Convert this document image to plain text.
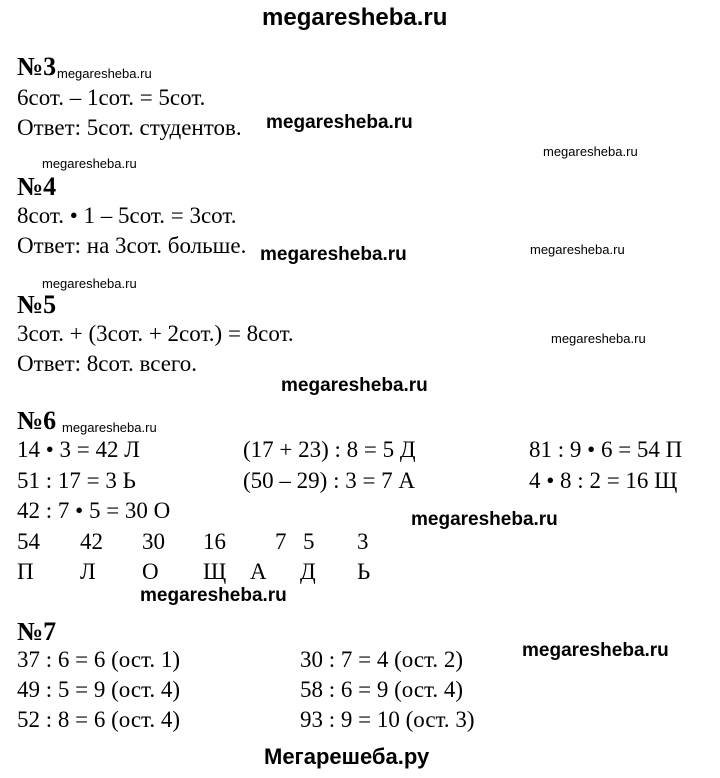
megaresheba.ru
№3 megaresheba.ru
6сот. – 1сот. = 5сот.
Ответ: 5сот. студентов. megaresheba.ru
megaresheba.ru
megaresheba.ru
№4
8сот. • 1 – 5сот. = 3сот.
Ответ: на 3сот. больше. megaresheba.ru	megaresheba.ru
megaresheba.ru
№5
3сот. + (3сот. + 2сот.) = 8сот.	megaresheba.ru
Ответ: 8сот. всего.
megaresheba.ru
№6 megaresheba.ru
14 • 3 = 42 Л	(17 + 23) : 8 = 5 Д	81 : 9 • 6 = 54 П
51 : 17 = 3 Ь	(50 – 29) : 3 = 7 А	4 • 8 : 2 = 16 Щ
42 : 7 • 5 = 30 О	megaresheba.ru
54 42 30 16 7 5 3
П Л О Щ А Д Ь
megaresheba.ru
№7
megaresheba.ru
37 : 6 = 6 (ост. 1)	30 : 7 = 4 (ост. 2)
49 : 5 = 9 (ост. 4)	58 : 6 = 9 (ост. 4)
52 : 8 = 6 (ост. 4)	93 : 9 = 10 (ост. 3)
Мегарешеба.ру
